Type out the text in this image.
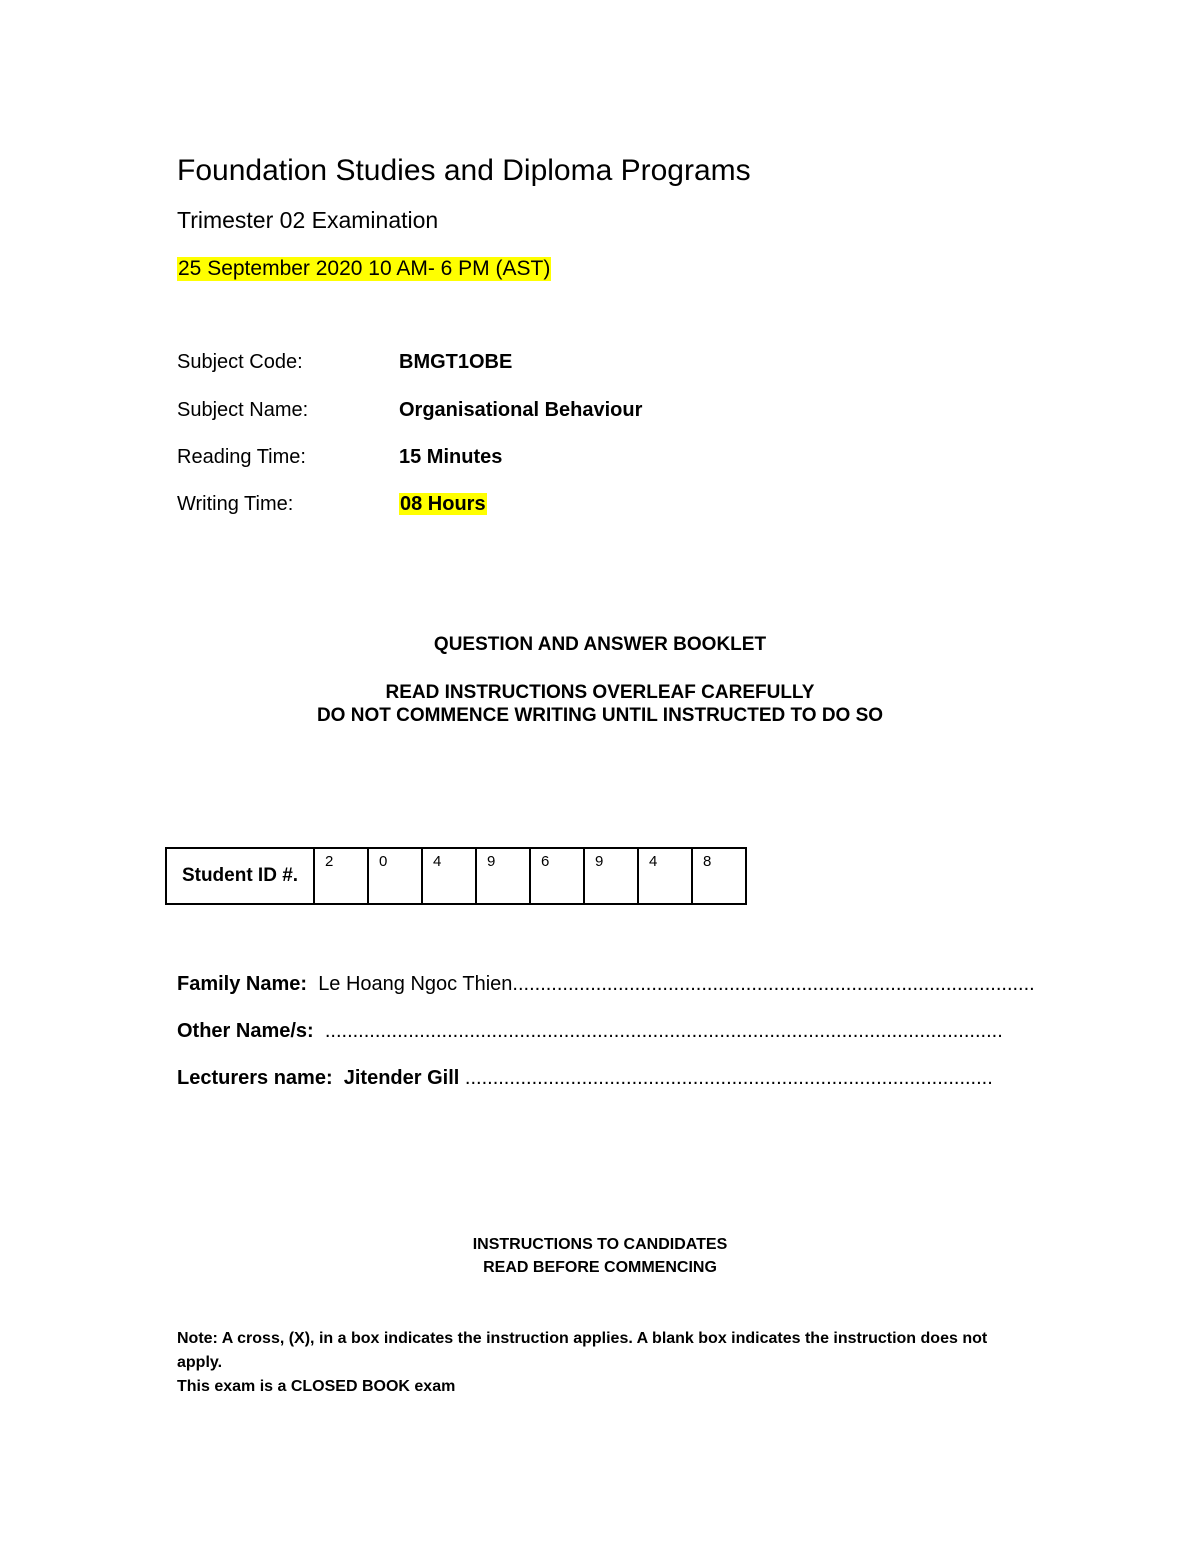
Foundation Studies and Diploma Programs
Trimester 02 Examination
25 September 2020 10 AM- 6 PM (AST)
Subject Code:	BMGT1OBE
Subject Name:	Organisational Behaviour
Reading Time:	15 Minutes
Writing Time:	08 Hours
QUESTION AND ANSWER BOOKLET
READ INSTRUCTIONS OVERLEAF CAREFULLY
DO NOT COMMENCE WRITING UNTIL INSTRUCTED TO DO SO
Student ID #.	2	0	4	9	6	9	4	8
Family Name: Le Hoang Ngoc Thien..............................................................................................
Other Name/s: ..........................................................................................................................
Lecturers name: Jitender Gill ...............................................................................................
INSTRUCTIONS TO CANDIDATES
READ BEFORE COMMENCING
Note: A cross, (X), in a box indicates the instruction applies. A blank box indicates the instruction does not apply.
This exam is a CLOSED BOOK exam
